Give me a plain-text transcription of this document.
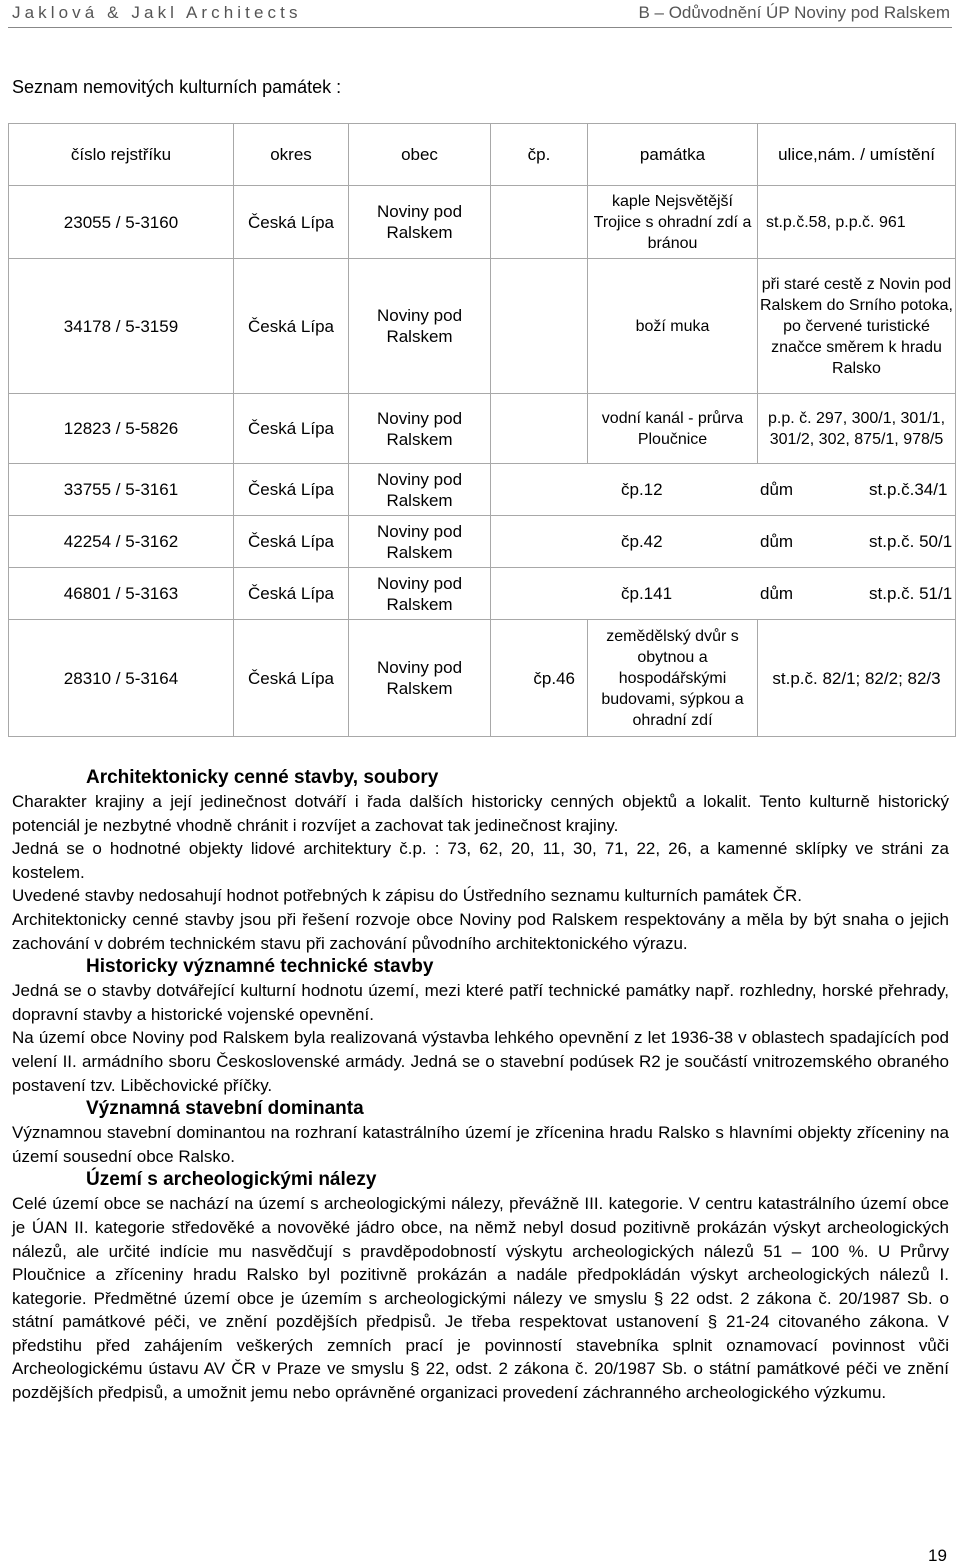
Jaklová & Jakl Architects	B – Odůvodnění ÚP Noviny pod Ralskem
Seznam nemovitých kulturních památek :
číslo rejstříku	okres	obec	čp.	památka	ulice,nám. / umístění
23055 / 5-3160	Česká Lípa	Noviny pod Ralskem		kaple Nejsvětější Trojice s ohradní zdí a bránou	st.p.č.58, p.p.č. 961
34178 / 5-3159	Česká Lípa	Noviny pod Ralskem		boží muka	při staré cestě z Novin pod Ralskem do Srního potoka, po červené turistické značce směrem k hradu Ralsko
12823 / 5-5826	Česká Lípa	Noviny pod Ralskem		vodní kanál - průrva Ploučnice	p.p. č. 297, 300/1, 301/1, 301/2, 302, 875/1, 978/5
33755 / 5-3161	Česká Lípa	Noviny pod Ralskem	čp.12 dům st.p.č.34/1		

42254 / 5-3162	Česká Lípa	Noviny pod Ralskem	čp.42 dům st.p.č. 50/1		

46801 / 5-3163	Česká Lípa	Noviny pod Ralskem	čp.141 dům st.p.č. 51/1		

28310 / 5-3164	Česká Lípa	Noviny pod Ralskem	čp.46	zemědělský dvůr s obytnou a hospodářskými budovami, sýpkou a ohradní zdí	st.p.č. 82/1; 82/2; 82/3
Architektonicky cenné stavby, soubory

Charakter krajiny a její jedinečnost dotváří i řada dalších historicky cenných objektů a lokalit. Tento kulturně historický potenciál je nezbytné vhodně chránit i rozvíjet a zachovat tak jedinečnost krajiny.

Jedná se o hodnotné objekty lidové architektury č.p. : 73, 62, 20, 11, 30, 71, 22, 26, a kamenné sklípky ve stráni za kostelem.

Uvedené stavby nedosahují hodnot potřebných k zápisu do Ústředního seznamu kulturních památek ČR.

Architektonicky cenné stavby jsou při řešení rozvoje obce Noviny pod Ralskem respektovány a měla by být snaha o jejich zachování v dobrém technickém stavu při zachování původního architektonického výrazu.

Historicky významné technické stavby

Jedná se o stavby dotvářející kulturní hodnotu území, mezi které patří technické památky např. rozhledny, horské přehrady, dopravní stavby a historické vojenské opevnění.

Na území obce Noviny pod Ralskem byla realizovaná výstavba lehkého opevnění z let 1936-38 v oblastech spadajících pod velení II. armádního sboru Československé armády. Jedná se o stavební podúsek R2 je součástí vnitrozemského obraného postavení tzv. Liběchovické příčky.

Významná stavební dominanta

Významnou stavební dominantou na rozhraní katastrálního území je zřícenina hradu Ralsko s hlavními objekty zříceniny na území sousední obce Ralsko.

Území s archeologickými nálezy

Celé území obce se nachází na území s archeologickými nálezy, převážně III. kategorie. V centru katastrálního území obce je ÚAN II. kategorie středověké a novověké jádro obce, na němž nebyl dosud pozitivně prokázán výskyt archeologických nálezů, ale určité indície mu nasvědčují s pravděpodobností výskytu archeologických nálezů 51 – 100 %. U Průrvy Ploučnice a zříceniny hradu Ralsko byl pozitivně prokázán a nadále předpokládán výskyt archeologických nálezů I. kategorie. Předmětné území obce je územím s archeologickými nálezy ve smyslu § 22 odst. 2 zákona č. 20/1987 Sb. o státní památkové péči, ve znění pozdějších předpisů. Je třeba respektovat ustanovení § 21-24 citovaného zákona. V předstihu před zahájením veškerých zemních prací je povinností stavebníka splnit oznamovací povinnost vůči Archeologickému ústavu AV ČR v Praze ve smyslu § 22, odst. 2 zákona č. 20/1987 Sb. o státní památkové péči ve znění pozdějších předpisů, a umožnit jemu nebo oprávněné organizaci provedení záchranného archeologického výzkumu.

19
